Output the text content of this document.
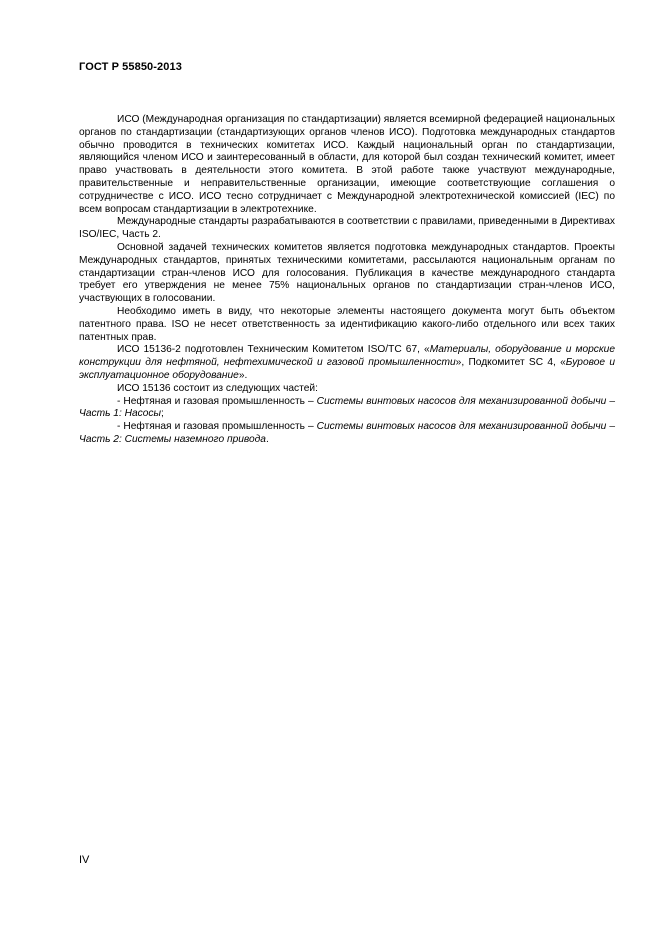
ГОСТ Р 55850-2013

ИСО (Международная организация по стандартизации) является всемирной федерацией национальных органов по стандартизации (стандартизующих органов членов ИСО). Подготовка международных стандартов обычно проводится в технических комитетах ИСО. Каждый национальный орган по стандартизации, являющийся членом ИСО и заинтересованный в области, для которой был создан технический комитет, имеет право участвовать в деятельности этого комитета. В этой работе также участвуют международные, правительственные и неправительственные организации, имеющие соответствующие соглашения о сотрудничестве с ИСО. ИСО тесно сотрудничает с Международной электротехнической комиссией (IEC) по всем вопросам стандартизации в электротехнике.

Международные стандарты разрабатываются в соответствии с правилами, приведенными в Директивах ISO/IEC, Часть 2.

Основной задачей технических комитетов является подготовка международных стандартов. Проекты Международных стандартов, принятых техническими комитетами, рассылаются национальным органам по стандартизации стран-членов ИСО для голосования. Публикация в качестве международного стандарта требует его утверждения не менее 75% национальных органов по стандартизации стран-членов ИСО, участвующих в голосовании.

Необходимо иметь в виду, что некоторые элементы настоящего документа могут быть объектом патентного права. ISO не несет ответственность за идентификацию какого-либо отдельного или всех таких патентных прав.

ИСО 15136-2 подготовлен Техническим Комитетом ISO/TC 67, «Материалы, оборудование и морские конструкции для нефтяной, нефтехимической и газовой промышленности», Подкомитет SC 4, «Буровое и эксплуатационное оборудование».

ИСО 15136 состоит из следующих частей:

- Нефтяная и газовая промышленность – Системы винтовых насосов для механизированной добычи – Часть 1: Насосы;

- Нефтяная и газовая промышленность – Системы винтовых насосов для механизированной добычи – Часть 2: Системы наземного привода.

IV
